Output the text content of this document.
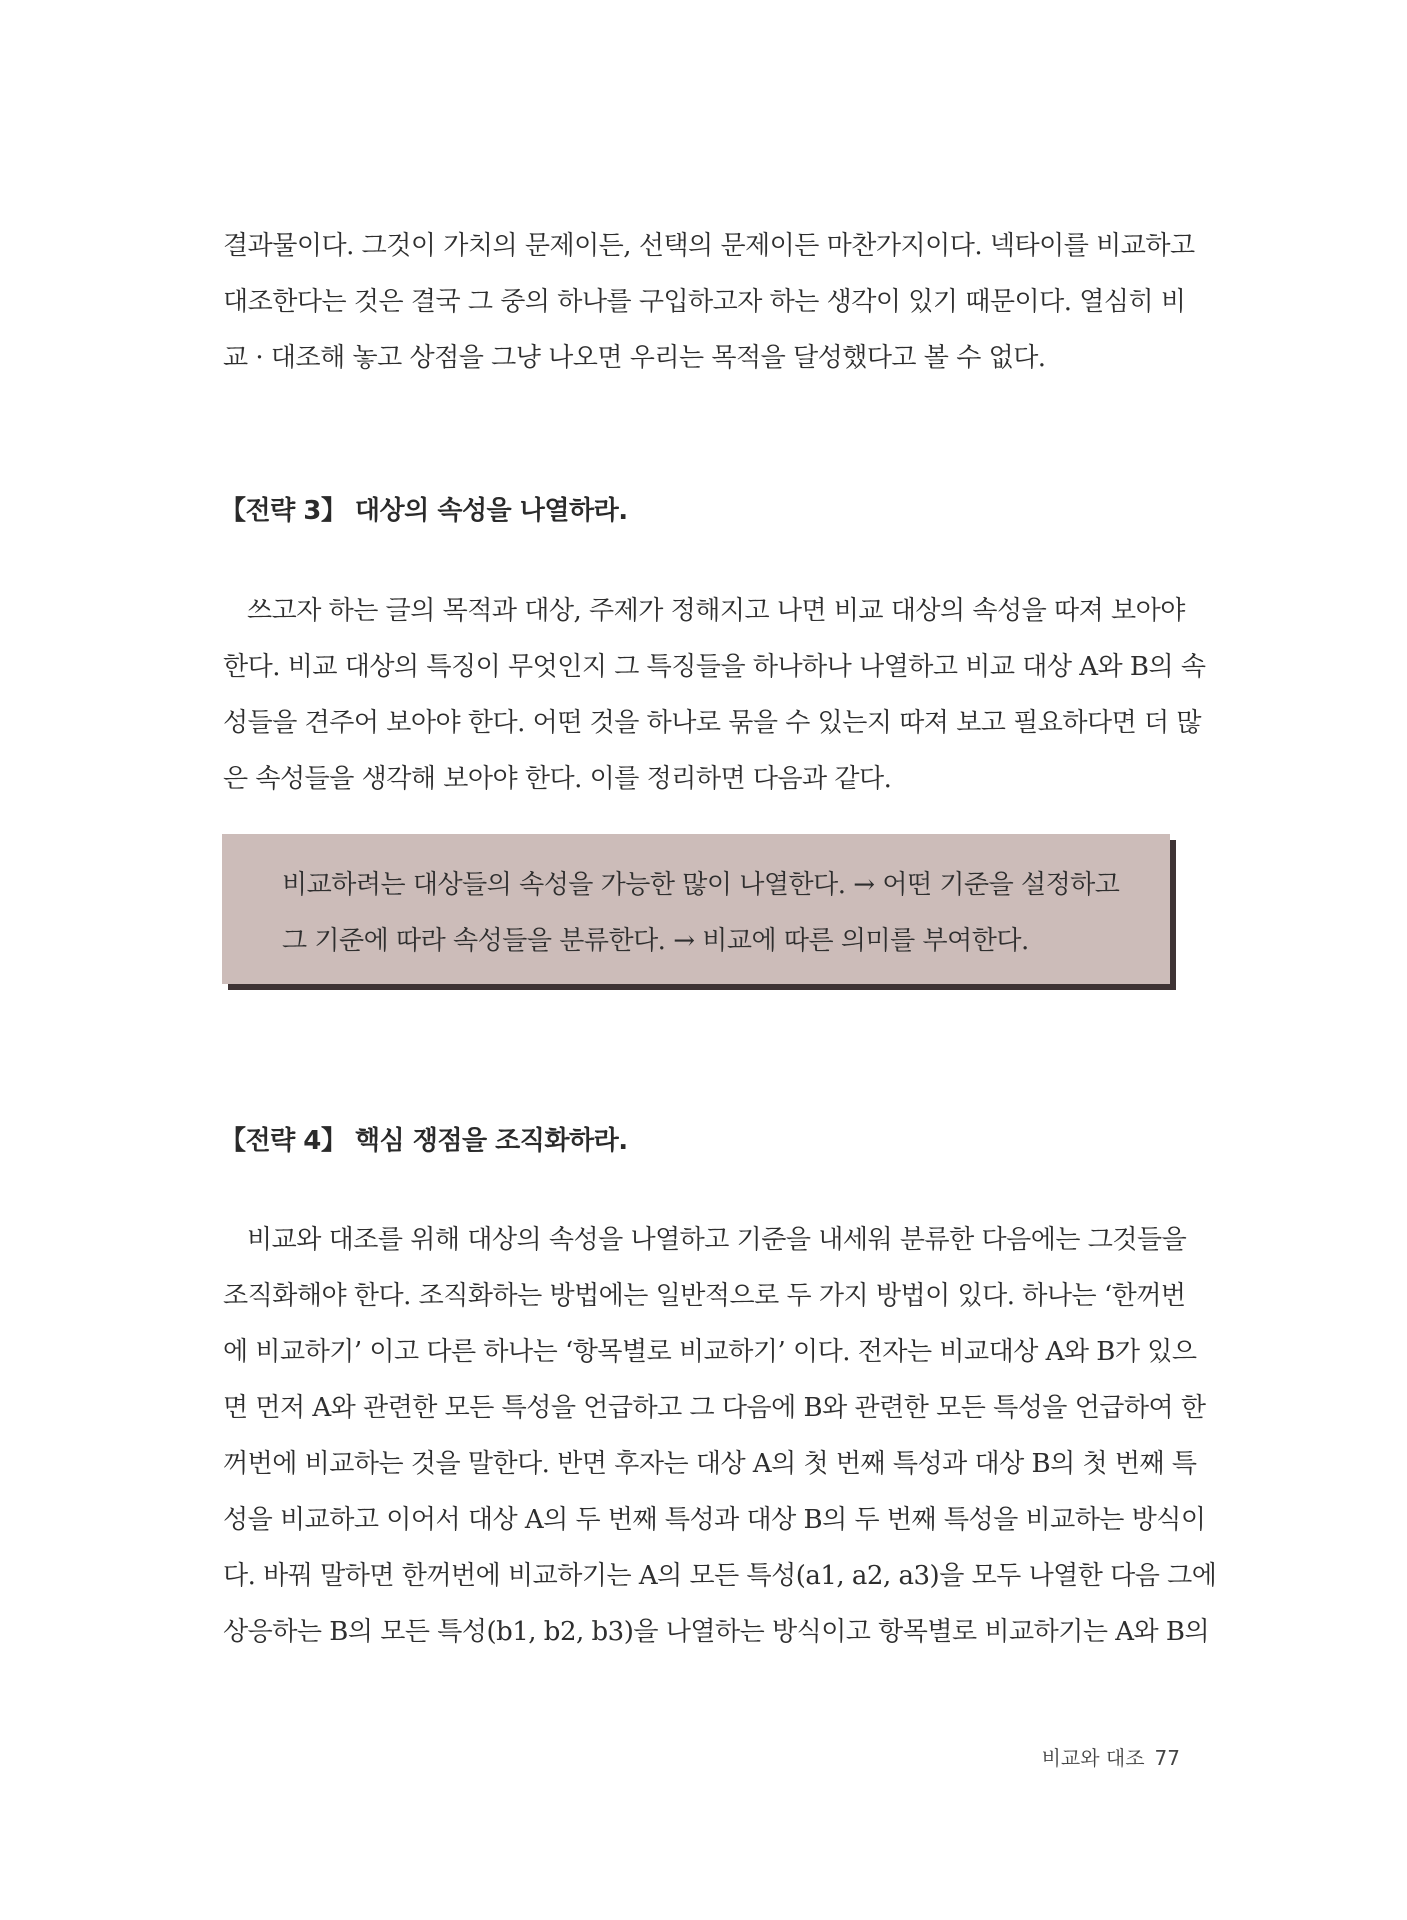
결과물이다. 그것이 가치의 문제이든, 선택의 문제이든 마찬가지이다. 넥타이를 비교하고
대조한다는 것은 결국 그 중의 하나를 구입하고자 하는 생각이 있기 때문이다. 열심히 비
교 · 대조해 놓고 상점을 그냥 나오면 우리는 목적을 달성했다고 볼 수 없다.
【전략 3】 대상의 속성을 나열하라.
쓰고자 하는 글의 목적과 대상, 주제가 정해지고 나면 비교 대상의 속성을 따져 보아야
한다. 비교 대상의 특징이 무엇인지 그 특징들을 하나하나 나열하고 비교 대상 A와 B의 속
성들을 견주어 보아야 한다. 어떤 것을 하나로 묶을 수 있는지 따져 보고 필요하다면 더 많
은 속성들을 생각해 보아야 한다. 이를 정리하면 다음과 같다.
비교하려는 대상들의 속성을 가능한 많이 나열한다. → 어떤 기준을 설정하고
그 기준에 따라 속성들을 분류한다. → 비교에 따른 의미를 부여한다.
【전략 4】 핵심 쟁점을 조직화하라.
비교와 대조를 위해 대상의 속성을 나열하고 기준을 내세워 분류한 다음에는 그것들을
조직화해야 한다. 조직화하는 방법에는 일반적으로 두 가지 방법이 있다. 하나는 ‘한꺼번
에 비교하기’ 이고 다른 하나는 ‘항목별로 비교하기’ 이다. 전자는 비교대상 A와 B가 있으
면 먼저 A와 관련한 모든 특성을 언급하고 그 다음에 B와 관련한 모든 특성을 언급하여 한
꺼번에 비교하는 것을 말한다. 반면 후자는 대상 A의 첫 번째 특성과 대상 B의 첫 번째 특
성을 비교하고 이어서 대상 A의 두 번째 특성과 대상 B의 두 번째 특성을 비교하는 방식이
다. 바꿔 말하면 한꺼번에 비교하기는 A의 모든 특성(a1, a2, a3)을 모두 나열한 다음 그에
상응하는 B의 모든 특성(b1, b2, b3)을 나열하는 방식이고 항목별로 비교하기는 A와 B의
비교와 대조 77
